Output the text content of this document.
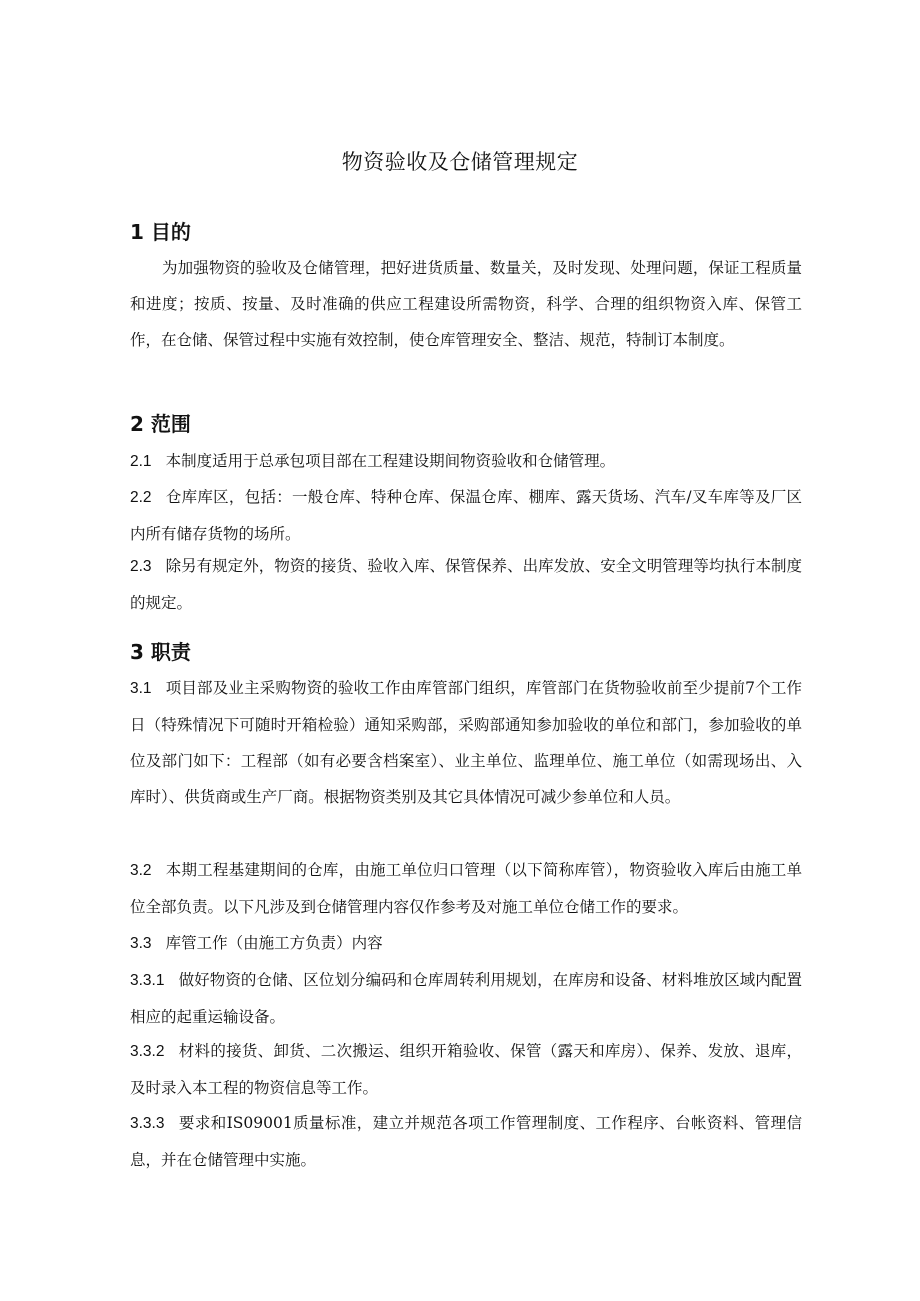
物资验收及仓储管理规定
1 目的
为加强物资的验收及仓储管理，把好进货质量、数量关，及时发现、处理问题，保证工程质量和进度；按质、按量、及时准确的供应工程建设所需物资，科学、合理的组织物资入库、保管工作，在仓储、保管过程中实施有效控制，使仓库管理安全、整洁、规范，特制订本制度。
2 范围
2.1 本制度适用于总承包项目部在工程建设期间物资验收和仓储管理。
2.2 仓库库区，包括：一般仓库、特种仓库、保温仓库、棚库、露天货场、汽车/叉车库等及厂区内所有储存货物的场所。
2.3 除另有规定外，物资的接货、验收入库、保管保养、出库发放、安全文明管理等均执行本制度的规定。
3 职责
3.1 项目部及业主采购物资的验收工作由库管部门组织，库管部门在货物验收前至少提前7个工作日（特殊情况下可随时开箱检验）通知采购部，采购部通知参加验收的单位和部门，参加验收的单位及部门如下：工程部（如有必要含档案室）、业主单位、监理单位、施工单位（如需现场出、入库时）、供货商或生产厂商。根据物资类别及其它具体情况可减少参单位和人员。
3.2 本期工程基建期间的仓库，由施工单位归口管理（以下简称库管），物资验收入库后由施工单位全部负责。以下凡涉及到仓储管理内容仅作参考及对施工单位仓储工作的要求。
3.3 库管工作（由施工方负责）内容
3.3.1 做好物资的仓储、区位划分编码和仓库周转利用规划，在库房和设备、材料堆放区域内配置相应的起重运输设备。
3.3.2 材料的接货、卸货、二次搬运、组织开箱验收、保管（露天和库房）、保养、发放、退库，及时录入本工程的物资信息等工作。
3.3.3 要求和IS09001质量标准，建立并规范各项工作管理制度、工作程序、台帐资料、管理信息，并在仓储管理中实施。
